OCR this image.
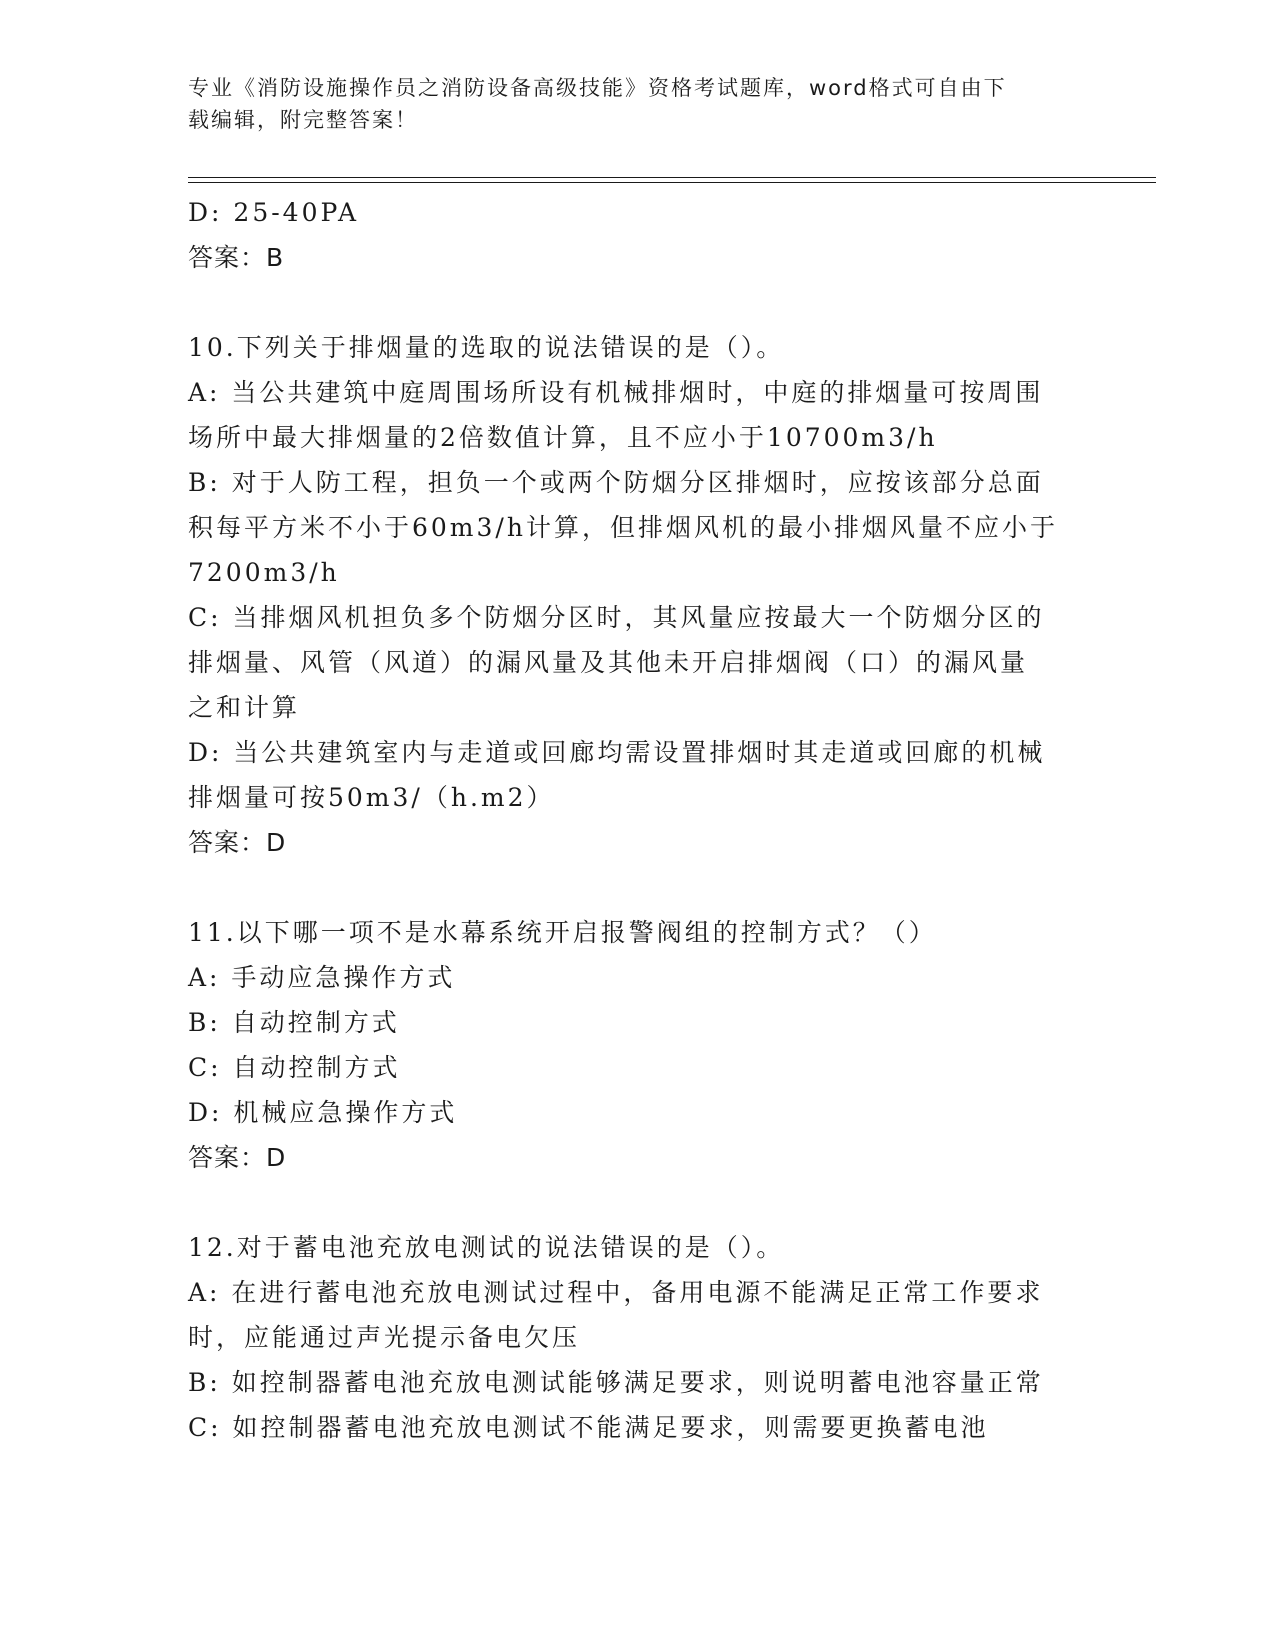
专业《消防设施操作员之消防设备高级技能》资格考试题库，word格式可自由下
载编辑，附完整答案！
D: 25-40PA
答案：B
10.下列关于排烟量的选取的说法错误的是（）。
A: 当公共建筑中庭周围场所设有机械排烟时，中庭的排烟量可按周围
场所中最大排烟量的2倍数值计算，且不应小于10700m3/h
B: 对于人防工程，担负一个或两个防烟分区排烟时，应按该部分总面
积每平方米不小于60m3/h计算，但排烟风机的最小排烟风量不应小于
7200m3/h
C: 当排烟风机担负多个防烟分区时，其风量应按最大一个防烟分区的
排烟量、风管（风道）的漏风量及其他未开启排烟阀（口）的漏风量
之和计算
D: 当公共建筑室内与走道或回廊均需设置排烟时其走道或回廊的机械
排烟量可按50m3/（h.m2）
答案：D
11.以下哪一项不是水幕系统开启报警阀组的控制方式？（）
A: 手动应急操作方式
B: 自动控制方式
C: 自动控制方式
D: 机械应急操作方式
答案：D
12.对于蓄电池充放电测试的说法错误的是（）。
A: 在进行蓄电池充放电测试过程中，备用电源不能满足正常工作要求
时，应能通过声光提示备电欠压
B: 如控制器蓄电池充放电测试能够满足要求，则说明蓄电池容量正常
C: 如控制器蓄电池充放电测试不能满足要求，则需要更换蓄电池
